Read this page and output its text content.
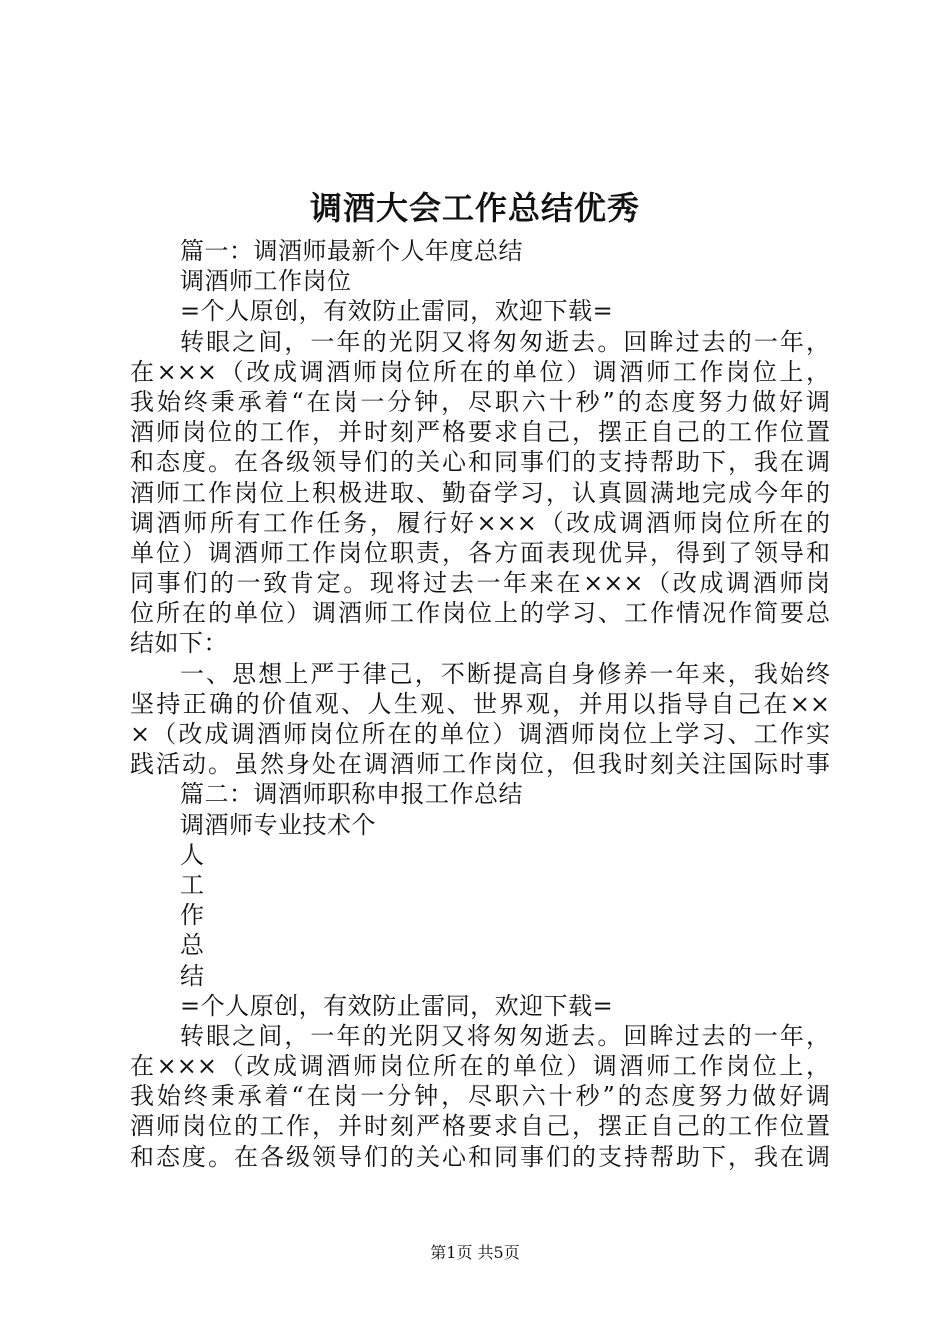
调酒大会工作总结优秀
篇一：调酒师最新个人年度总结
调酒师工作岗位
=个人原创，有效防止雷同，欢迎下载=
转眼之间，一年的光阴又将匆匆逝去。回眸过去的一年，
在×××（改成调酒师岗位所在的单位）调酒师工作岗位上，
我始终秉承着“在岗一分钟，尽职六十秒”的态度努力做好调
酒师岗位的工作，并时刻严格要求自己，摆正自己的工作位置
和态度。在各级领导们的关心和同事们的支持帮助下，我在调
酒师工作岗位上积极进取、勤奋学习，认真圆满地完成今年的
调酒师所有工作任务，履行好×××（改成调酒师岗位所在的
单位）调酒师工作岗位职责，各方面表现优异，得到了领导和
同事们的一致肯定。现将过去一年来在×××（改成调酒师岗
位所在的单位）调酒师工作岗位上的学习、工作情况作简要总
结如下：
一、思想上严于律己，不断提高自身修养一年来，我始终
坚持正确的价值观、人生观、世界观，并用以指导自己在××
×（改成调酒师岗位所在的单位）调酒师岗位上学习、工作实
践活动。虽然身处在调酒师工作岗位，但我时刻关注国际时事
篇二：调酒师职称申报工作总结
调酒师专业技术个
人
工
作
总
结
=个人原创，有效防止雷同，欢迎下载=
转眼之间，一年的光阴又将匆匆逝去。回眸过去的一年，
在×××（改成调酒师岗位所在的单位）调酒师工作岗位上，
我始终秉承着“在岗一分钟，尽职六十秒”的态度努力做好调
酒师岗位的工作，并时刻严格要求自己，摆正自己的工作位置
和态度。在各级领导们的关心和同事们的支持帮助下，我在调
第1页 共5页
